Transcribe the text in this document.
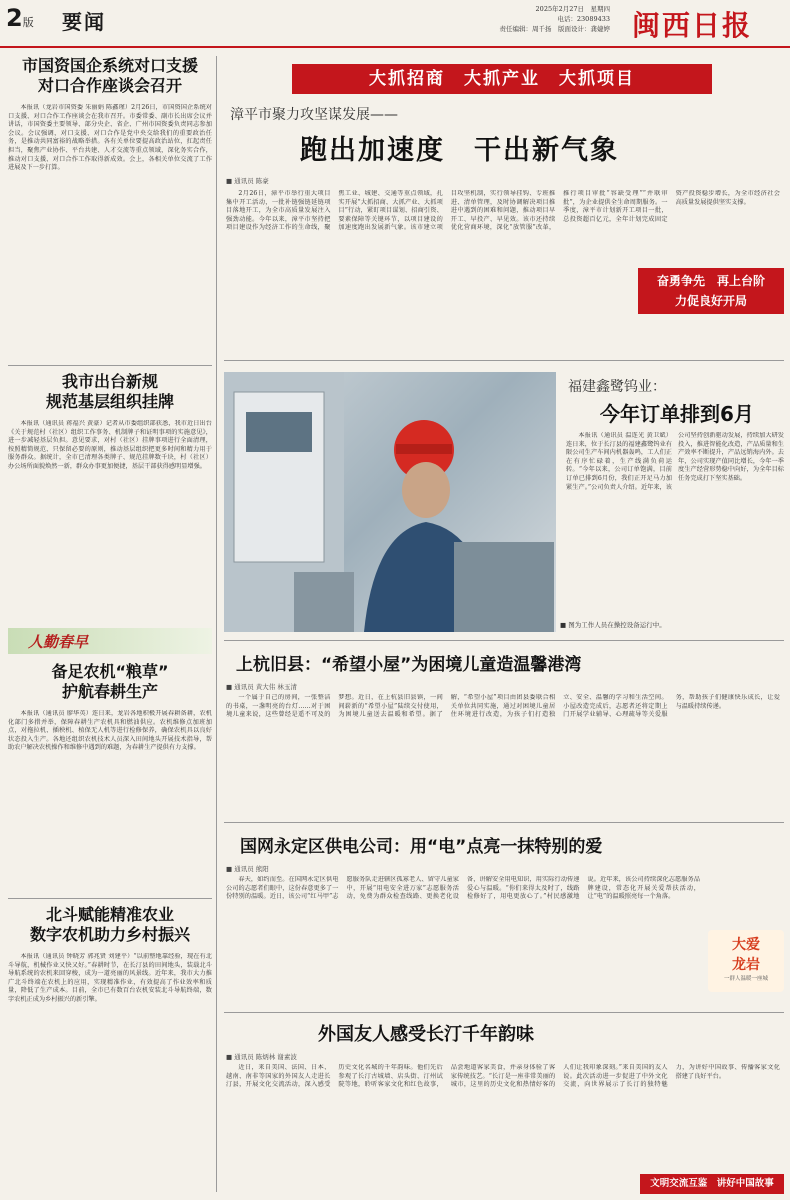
2版 要闻
2025年2月27日　星期四
电话：23089433
责任编辑：周千扬　版面设计：龚婕婷 闽西日报
市国资国企系统对口支援
对口合作座谈会召开

本报讯（龙岩市国资委 朱丽娟 陈鑫瑾）2月26日，市国资国企系统对口支援、对口合作工作座谈会在我市召开。市委常委、副市长出席会议并讲话，市国资委主要领导、部分央企、省企、广州市国资委负责同志参加会议。会议强调，对口支援、对口合作是党中央交给我们的重要政治任务，是推动共同富裕的战略举措。各有关单位要提高政治站位，扛起责任担当，聚焦产业协作、平台共建、人才交流等重点领域，深化务实合作，推动对口支援、对口合作工作取得新成效。会上，各相关单位交流了工作进展及下一步打算。

我市出台新规
规范基层组织挂牌

本报讯（通讯员 蒋福兴 黄豪）记者从市委组织部获悉，我市近日出台《关于规范村（社区）组织工作事务、机制牌子和证明事项的实施意见》，进一步减轻基层负担。意见要求，对村（社区）挂牌事项进行全面清理，按照精简规范、只保留必要的原则，推动基层组织把更多时间和精力用于服务群众。据统计，全市已清理各类牌子、规范挂牌数千块，村（社区）办公场所面貌焕然一新，群众办事更加便捷，基层干部获得感明显增强。

人勤春早
备足农机“粮草”
护航春耕生产

本报讯（通讯员 廖华英）连日来，龙岩各地积极开展春耕备耕，农机化部门多措并举，保障春耕生产农机具和燃油供应。农机维修点加班加点，对拖拉机、插秧机、植保无人机等进行检修保养，确保农机具以良好状态投入生产。各地还组织农机技术人员深入田间地头开展技术指导，帮助农户解决农机操作和维修中遇到的难题，为春耕生产提供有力支撑。

北斗赋能精准农业
数字农机助力乡村振兴

本报讯（通讯员 钟晓芳 郭兆贤 刘建平）“以前整地靠经验，现在有北斗导航，机械作业又快又好。”春耕时节，在长汀县的田间地头，装载北斗导航系统的农机来回穿梭，成为一道亮丽的风景线。近年来，我市大力推广北斗终端在农机上的应用，实现精准作业，有效提高了作业效率和质量，降低了生产成本。目前，全市已有数百台农机安装北斗导航终端，数字农机正成为乡村振兴的新引擎。

大抓招商　 大抓产业　 大抓项目
漳平市聚力攻坚谋发展——
跑出加速度　干出新气象
■ 通讯员 陈豪

2月26日，漳平市举行重大项目集中开工活动，一批补链强链延链项目落地开工，为全市高质量发展注入强劲动能。今年以来，漳平市坚持把项目建设作为经济工作的生命线，聚焦工业、城建、交通等重点领域，扎实开展“大抓招商、大抓产业、大抓项目”行动，紧盯项目谋划、招商引资、要素保障等关键环节，以项目建设的加速度跑出发展新气象。该市建立项目攻坚机制，实行领导挂钩、专班推进、清单管理，及时协调解决项目推进中遇到的困难和问题，推动项目早开工、早投产、早见效。该市还持续优化营商环境，深化“放管服”改革，推行项目审批“容缺受理”“并联审批”，为企业提供全生命周期服务。一季度，漳平市计划新开工项目一批，总投资超百亿元，全年计划完成固定资产投资稳步增长，为全市经济社会高质量发展提供坚实支撑。

奋勇争先　再上台阶
力促良好开局
■ 图为工作人员在操控设备运行中。
福建鑫鹭钨业：
今年订单排到6月

本报讯（通讯员 温连光 黄卫斌）连日来，位于长汀县的福建鑫鹭钨业有限公司生产车间内机器轰鸣，工人们正在有序忙碌着，生产线满负荷运转。“今年以来，公司订单饱满，目前订单已排到6月份，我们正开足马力加紧生产。”公司负责人介绍。近年来，该公司坚持创新驱动发展，持续加大研发投入，推进智能化改造，产品质量和生产效率不断提升，产品远销海内外。去年，公司实现产值同比增长，今年一季度生产经营形势稳中向好，为全年目标任务完成打下坚实基础。

上杭旧县：“希望小屋”为困境儿童造温馨港湾
■ 通讯员 黄大伟 林玉清

一个属于自己的房间，一张整洁的书桌，一盏明亮的台灯……对于困境儿童来说，这些曾经是遥不可及的梦想。近日，在上杭县旧县镇，一间间崭新的“希望小屋”陆续交付使用，为困境儿童送去温暖和希望。据了解，“希望小屋”项目由团县委联合相关单位共同实施，通过对困境儿童居住环境进行改造，为孩子们打造独立、安全、温馨的学习和生活空间。小屋改造完成后，志愿者还将定期上门开展学业辅导、心理疏导等关爱服务，帮助孩子们健康快乐成长，让爱与温暖持续传递。

国网永定区供电公司：用“电”点亮一抹特别的爱
■ 通讯员 熊阳

春天，如约而至。在国网永定区供电公司的志愿者们眼中，这份春意更多了一份特别的温暖。近日，该公司“红马甲”志愿服务队走进辖区孤寡老人、留守儿童家中，开展“用电安全进万家”志愿服务活动，免费为群众检查线路、更换老化设备，讲解安全用电知识，用实际行动传递爱心与温暖。“你们来得太及时了，线路检修好了，用电更放心了。”村民感激地说。近年来，该公司持续深化志愿服务品牌建设，常态化开展关爱帮扶活动，让“电”的温暖照亮每一个角落。

大爱
龙岩
一群人温暖一座城
外国友人感受长汀千年韵味
■ 通讯员 陈炳林 谢素波

近日，来自美国、法国、日本、越南、南非等国家的外国友人走进长汀县，开展文化交流活动，深入感受历史文化名城的千年韵味。他们先后参观了长汀古城墙、店头街、汀州试院等地，聆听客家文化和红色故事，品尝地道客家美食，并亲身体验了客家传统技艺。“长汀是一座非常美丽的城市，这里的历史文化和热情好客的人们让我印象深刻。”来自美国的友人说。此次活动进一步促进了中外文化交流，向世界展示了长汀的独特魅力，为讲好中国故事、传播客家文化搭建了良好平台。

文明交流互鉴　讲好中国故事
